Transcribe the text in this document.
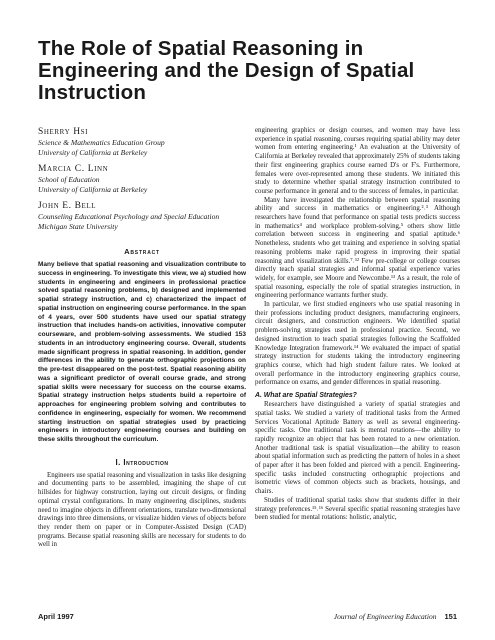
The Role of Spatial Reasoning in Engineering and the Design of Spatial Instruction
Sherry Hsi
Science & Mathematics Education Group
University of California at Berkeley
Marcia C. Linn
School of Education
University of California at Berkeley
John E. Bell
Counseling Educational Psychology and Special Education
Michigan State University
Abstract

Many believe that spatial reasoning and visualization contribute to success in engineering. To investigate this view, we a) studied how students in engineering and engineers in professional practice solved spatial reasoning problems, b) designed and implemented spatial strategy instruction, and c) characterized the impact of spatial instruction on engineering course performance. In the span of 4 years, over 500 students have used our spatial strategy instruction that includes hands-on activities, innovative computer courseware, and problem-solving assessments. We studied 153 students in an introductory engineering course. Overall, students made significant progress in spatial reasoning. In addition, gender differences in the ability to generate orthographic projections on the pre-test disappeared on the post-test. Spatial reasoning ability was a significant predictor of overall course grade, and strong spatial skills were necessary for success on the course exams. Spatial strategy instruction helps students build a repertoire of approaches for engineering problem solving and contributes to confidence in engineering, especially for women. We recommend starting instruction on spatial strategies used by practicing engineers in introductory engineering courses and building on these skills throughout the curriculum.

I. Introduction

Engineers use spatial reasoning and visualization in tasks like designing and documenting parts to be assembled, imagining the shape of cut hillsides for highway construction, laying out circuit designs, or finding optimal crystal configurations. In many engineering disciplines, students need to imagine objects in different orientations, translate two-dimensional drawings into three dimensions, or visualize hidden views of objects before they render them on paper or in Computer-Assisted Design (CAD) programs. Because spatial reasoning skills are necessary for students to do well in

engineering graphics or design courses, and women may have less experience in spatial reasoning, courses requiring spatial ability may deter women from entering engineering.¹ An evaluation at the University of California at Berkeley revealed that approximately 25% of students taking their first engineering graphics course earned D's or F's. Furthermore, females were over-represented among these students. We initiated this study to determine whether spatial strategy instruction contributed to course performance in general and to the success of females, in particular.

Many have investigated the relationship between spatial reasoning ability and success in mathematics or engineering.²˒³ Although researchers have found that performance on spatial tests predicts success in mathematics⁴ and workplace problem-solving,⁵ others show little correlation between success in engineering and spatial aptitude.⁶ Nonetheless, students who get training and experience in solving spatial reasoning problems make rapid progress in improving their spatial reasoning and visualization skills.⁷˒¹² Few pre-college or college courses directly teach spatial strategies and informal spatial experience varies widely, for example, see Moore and Newcombe.¹³ As a result, the role of spatial reasoning, especially the role of spatial strategies instruction, in engineering performance warrants further study.

In particular, we first studied engineers who use spatial reasoning in their professions including product designers, manufacturing engineers, circuit designers, and construction engineers. We identified spatial problem-solving strategies used in professional practice. Second, we designed instruction to teach spatial strategies following the Scaffolded Knowledge Integration framework.¹⁴ We evaluated the impact of spatial strategy instruction for students taking the introductory engineering graphics course, which had high student failure rates. We looked at overall performance in the introductory engineering graphics course, performance on exams, and gender differences in spatial reasoning.

A. What are Spatial Strategies?

Researchers have distinguished a variety of spatial strategies and spatial tasks. We studied a variety of traditional tasks from the Armed Services Vocational Aptitude Battery as well as several engineering-specific tasks. One traditional task is mental rotations—the ability to rapidly recognize an object that has been rotated to a new orientation. Another traditional task is spatial visualization—the ability to reason about spatial information such as predicting the pattern of holes in a sheet of paper after it has been folded and pierced with a pencil. Engineering-specific tasks included constructing orthographic projections and isometric views of common objects such as brackets, housings, and chairs.

Studies of traditional spatial tasks show that students differ in their strategy preferences.¹⁵˒¹⁶ Several specific spatial reasoning strategies have been studied for mental rotations: holistic, analytic,

April 1997	Journal of Engineering Education 151
